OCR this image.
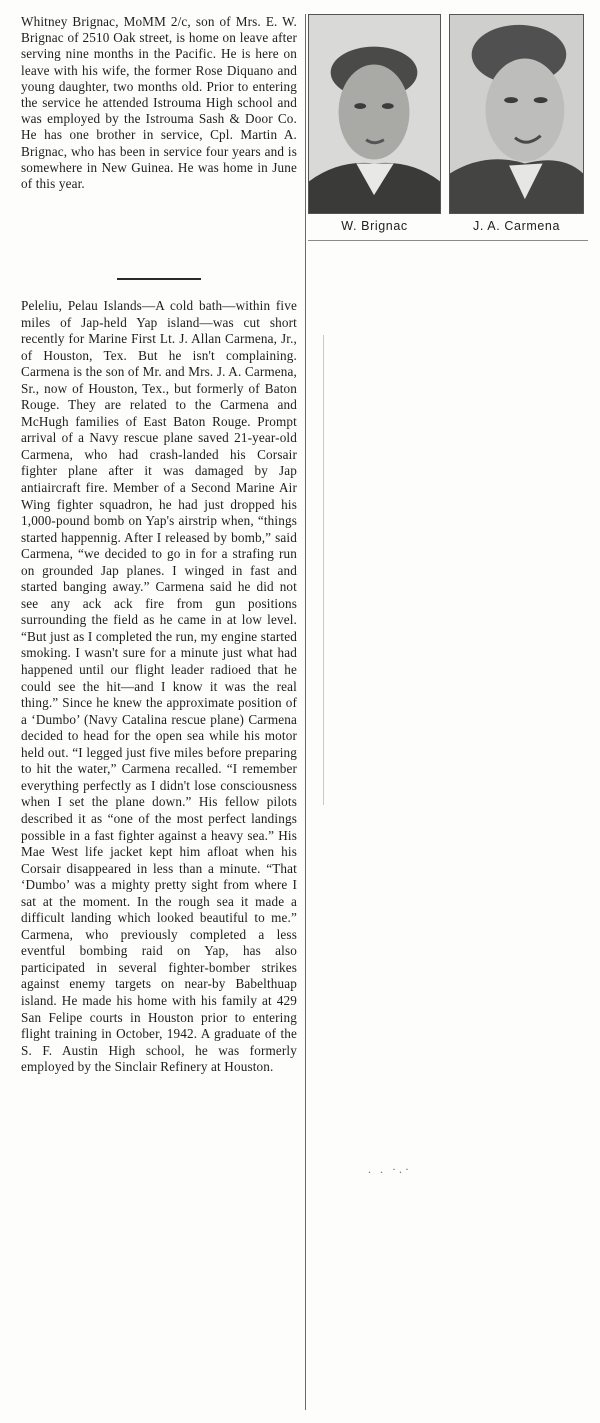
Whitney Brignac, MoMM 2/c, son of Mrs. E. W. Brignac of 2510 Oak street, is home on leave after serving nine months in the Pacific. He is here on leave with his wife, the former Rose Diquano and young daughter, two months old. Prior to entering the service he attended Istrouma High school and was employed by the Istrouma Sash & Door Co. He has one brother in service, Cpl. Martin A. Brignac, who has been in service four years and is somewhere in New Guinea. He was home in June of this year.

Peleliu, Pelau Islands—A cold bath—within five miles of Jap-held Yap island—was cut short recently for Marine First Lt. J. Allan Carmena, Jr., of Houston, Tex. But he isn't complaining. Carmena is the son of Mr. and Mrs. J. A. Carmena, Sr., now of Houston, Tex., but formerly of Baton Rouge. They are related to the Carmena and McHugh families of East Baton Rouge. Prompt arrival of a Navy rescue plane saved 21-year-old Carmena, who had crash-landed his Corsair fighter plane after it was damaged by Jap antiaircraft fire. Member of a Second Marine Air Wing fighter squadron, he had just dropped his 1,000-pound bomb on Yap's airstrip when, “things started happennig. After I released by bomb,” said Carmena, “we decided to go in for a strafing run on grounded Jap planes. I winged in fast and started banging away.” Carmena said he did not see any ack ack fire from gun positions surrounding the field as he came in at low level. “But just as I completed the run, my engine started smoking. I wasn't sure for a minute just what had happened until our flight leader radioed that he could see the hit—and I know it was the real thing.” Since he knew the approximate position of a ‘Dumbo’ (Navy Catalina rescue plane) Carmena decided to head for the open sea while his motor held out. “I legged just five miles before preparing to hit the water,” Carmena recalled. “I remember everything perfectly as I didn't lose consciousness when I set the plane down.” His fellow pilots described it as “one of the most perfect landings possible in a fast fighter against a heavy sea.” His Mae West life jacket kept him afloat when his Corsair disappeared in less than a minute. “That ‘Dumbo’ was a mighty pretty sight from where I sat at the moment. In the rough sea it made a difficult landing which looked beautiful to me.” Carmena, who previously completed a less eventful bombing raid on Yap, has also participated in several fighter-bomber strikes against enemy targets on near-by Babelthuap island. He made his home with his family at 429 San Felipe courts in Houston prior to entering flight training in October, 1942. A graduate of the S. F. Austin High school, he was formerly employed by the Sinclair Refinery at Houston.

W. Brignac	J. A. Carmena
. . ·.·
